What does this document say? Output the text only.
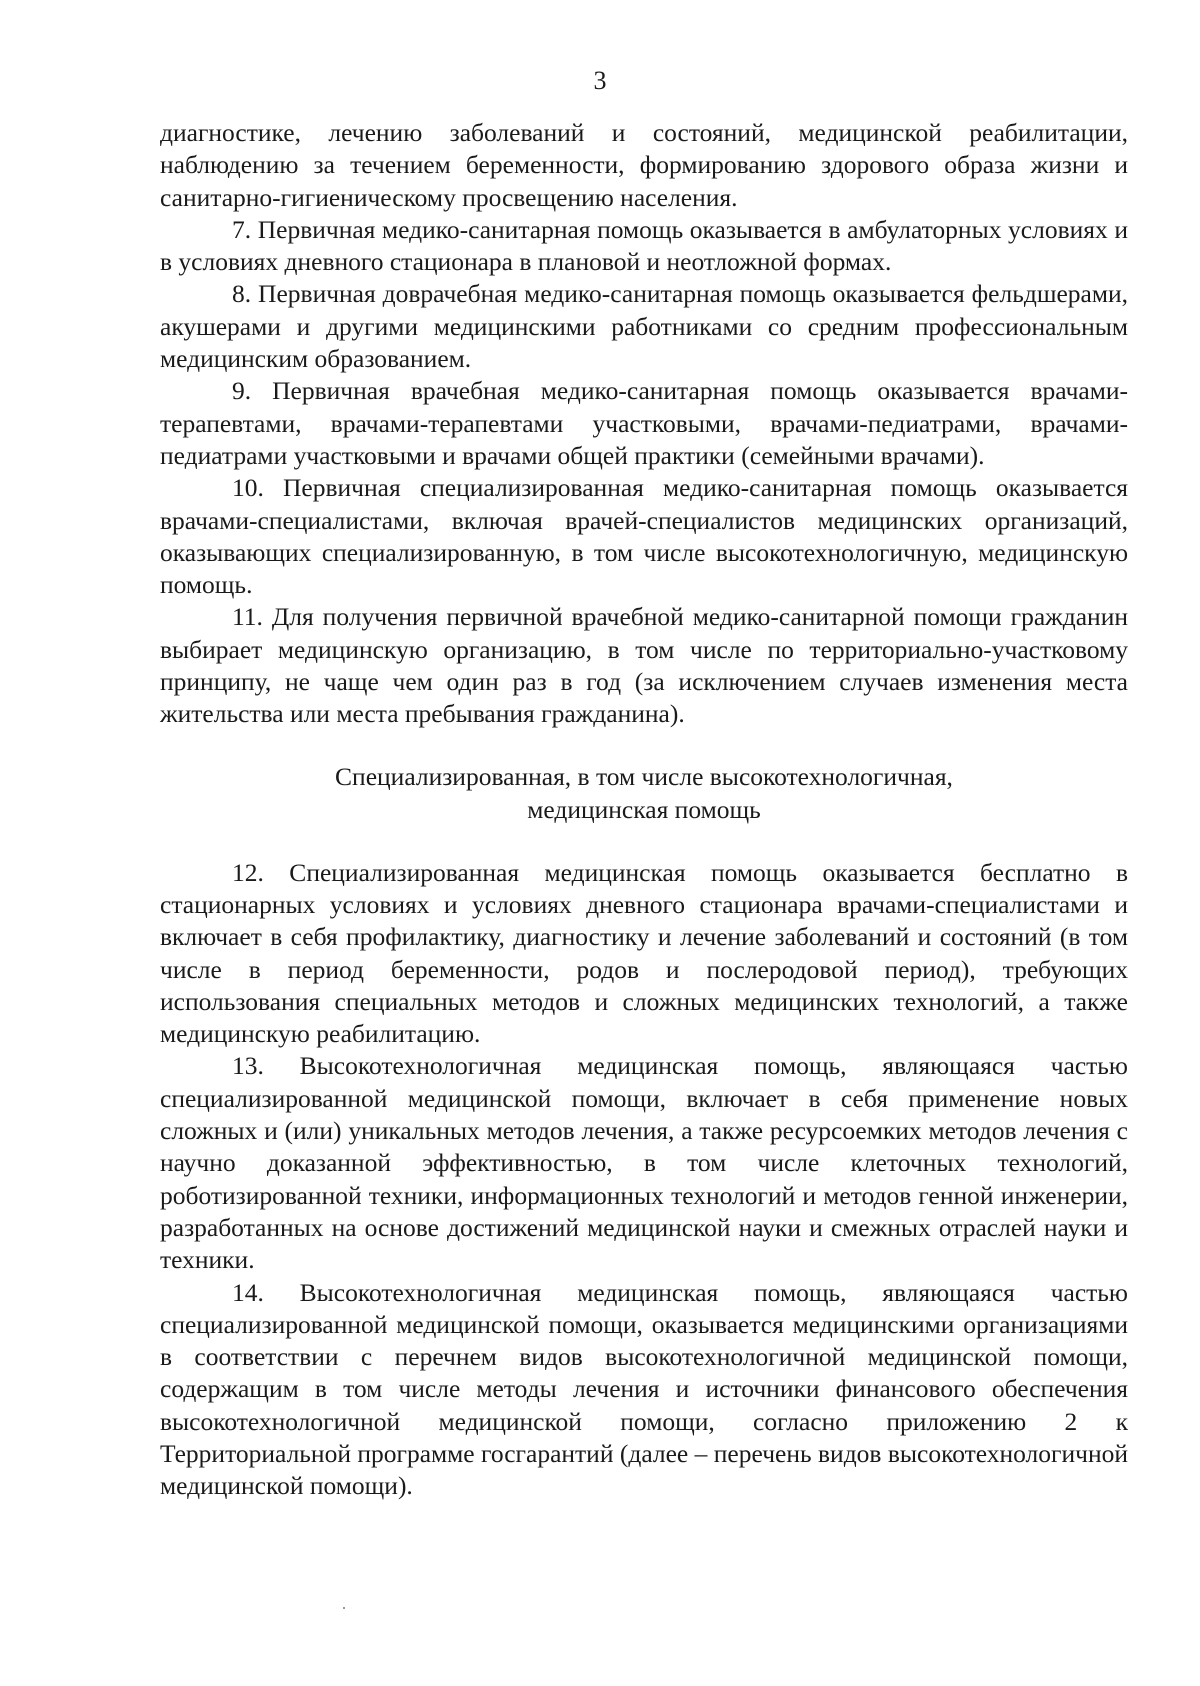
3

диагностике, лечению заболеваний и состояний, медицинской реабилитации, наблюдению за течением беременности, формированию здорового образа жизни и санитарно-гигиеническому просвещению населения.

7. Первичная медико-санитарная помощь оказывается в амбулаторных условиях и в условиях дневного стационара в плановой и неотложной формах.

8. Первичная доврачебная медико-санитарная помощь оказывается фельдшерами, акушерами и другими медицинскими работниками со средним профессиональным медицинским образованием.

9. Первичная врачебная медико-санитарная помощь оказывается врачами-терапевтами, врачами-терапевтами участковыми, врачами-педиатрами, врачами-педиатрами участковыми и врачами общей практики (семейными врачами).

10. Первичная специализированная медико-санитарная помощь оказывается врачами-специалистами, включая врачей-специалистов медицинских организаций, оказывающих специализированную, в том числе высокотехнологичную, медицинскую помощь.

11. Для получения первичной врачебной медико-санитарной помощи гражданин выбирает медицинскую организацию, в том числе по территориально-участковому принципу, не чаще чем один раз в год (за исключением случаев изменения места жительства или места пребывания гражданина).

Специализированная, в том числе высокотехнологичная,
медицинская помощь

12. Специализированная медицинская помощь оказывается бесплатно в стационарных условиях и условиях дневного стационара врачами-специалистами и включает в себя профилактику, диагностику и лечение заболеваний и состояний (в том числе в период беременности, родов и послеродовой период), требующих использования специальных методов и сложных медицинских технологий, а также медицинскую реабилитацию.

13. Высокотехнологичная медицинская помощь, являющаяся частью специализированной медицинской помощи, включает в себя применение новых сложных и (или) уникальных методов лечения, а также ресурсоемких методов лечения с научно доказанной эффективностью, в том числе клеточных технологий, роботизированной техники, информационных технологий и методов генной инженерии, разработанных на основе достижений медицинской науки и смежных отраслей науки и техники.

14. Высокотехнологичная медицинская помощь, являющаяся частью специализированной медицинской помощи, оказывается медицинскими организациями в соответствии с перечнем видов высокотехнологичной медицинской помощи, содержащим в том числе методы лечения и источники финансового обеспечения высокотехнологичной медицинской помощи, согласно приложению 2 к Территориальной программе госгарантий (далее – перечень видов высокотехнологичной медицинской помощи).
